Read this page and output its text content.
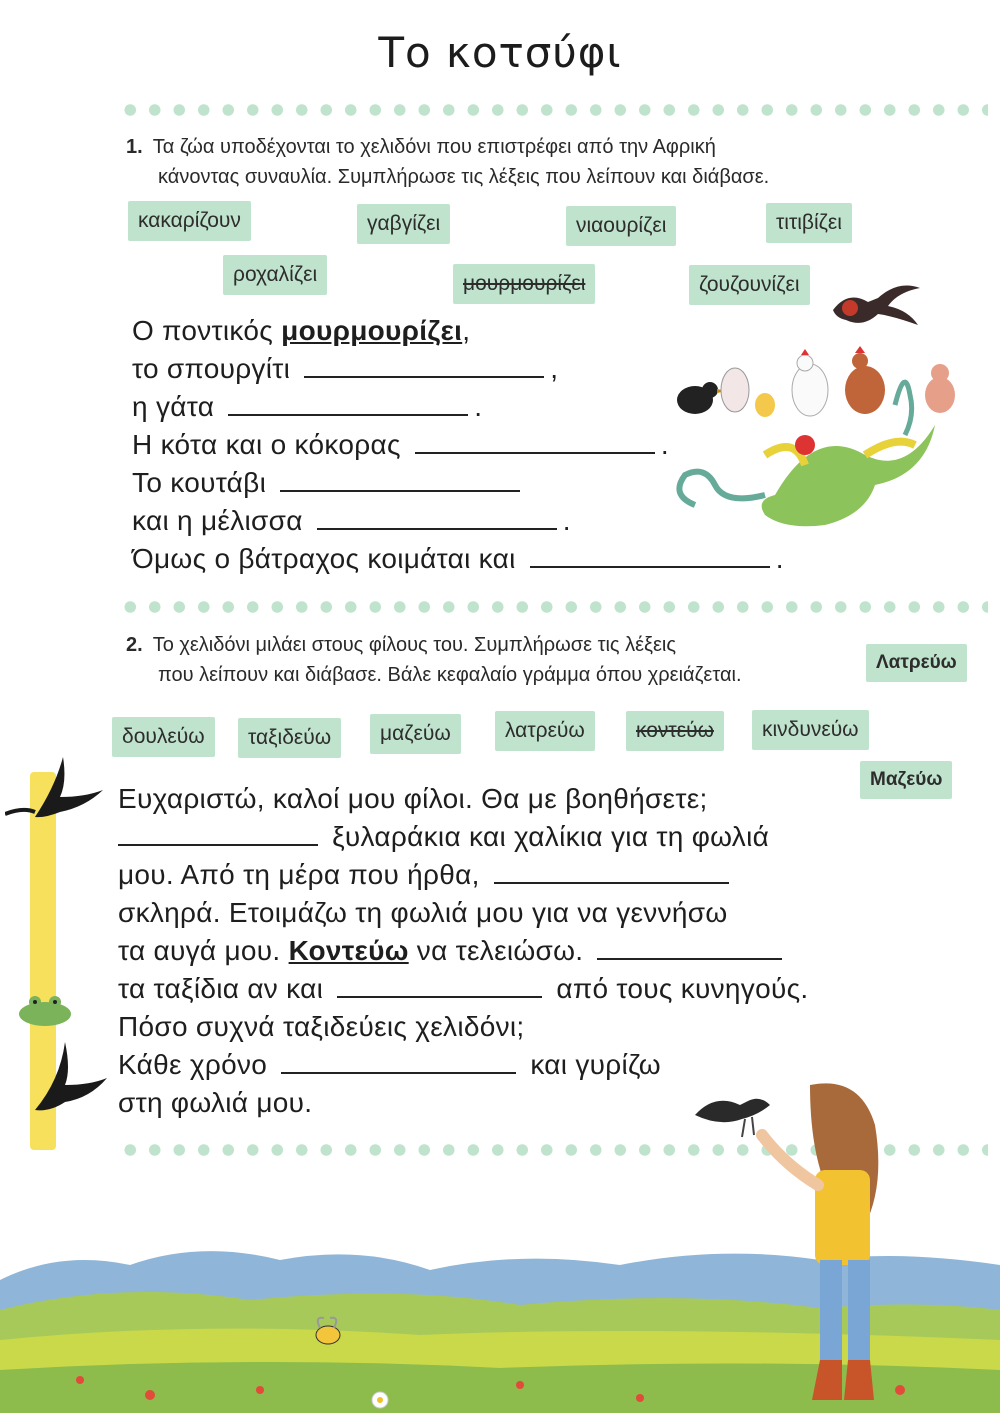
Το κοτσύφι
1. Τα ζώα υποδέχονται το χελιδόνι που επιστρέφει από την Αφρική
κάνοντας συναυλία. Συμπλήρωσε τις λέξεις που λείπουν και διάβασε.
κακαρίζουν	γαβγίζει	νιαουρίζει	τιτιβίζει
ροχαλίζει	μουρμουρίζει	ζουζουνίζει
Ο ποντικός μουρμουρίζει,
το σπουργίτι	,
η γάτα	.
Η κότα και ο κόκορας	.
Το κουτάβι
και η μέλισσα	.
Όμως ο βάτραχος κοιμάται και	.
2. Το χελιδόνι μιλάει στους φίλους του. Συμπλήρωσε τις λέξεις
που λείπουν και διάβασε. Βάλε κεφαλαίο γράμμα όπου χρειάζεται.
Λατρεύω
Μαζεύω
δουλεύω	ταξιδεύω	μαζεύω	λατρεύω	κοντεύω	κινδυνεύω
Ευχαριστώ, καλοί μου φίλοι. Θα με βοηθήσετε;
ξυλαράκια και χαλίκια για τη φωλιά
μου. Από τη μέρα που ήρθα,
σκληρά. Ετοιμάζω τη φωλιά μου για να γεννήσω
τα αυγά μου. Κοντεύω να τελειώσω.
τα ταξίδια αν και	από τους κυνηγούς.
Πόσο συχνά ταξιδεύεις χελιδόνι;
Κάθε χρόνο	και γυρίζω
στη φωλιά μου.
